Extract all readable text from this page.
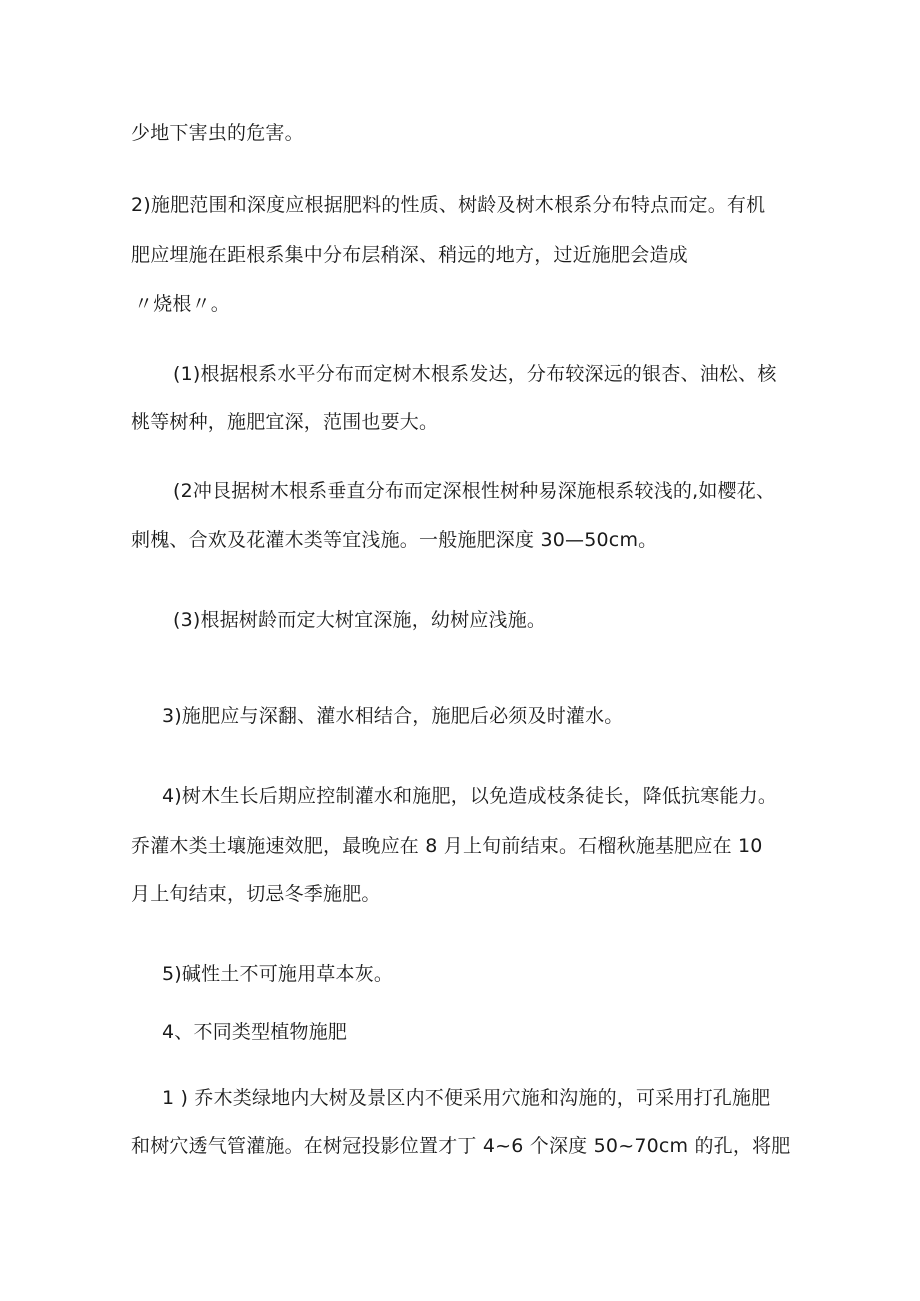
少地下害虫的危害。
2)施肥范围和深度应根据肥料的性质、树龄及树木根系分布特点而定。有机
肥应埋施在距根系集中分布层稍深、稍远的地方，过近施肥会造成
〃烧根〃。
(1)根据根系水平分布而定树木根系发达，分布较深远的银杏、油松、核
桃等树种，施肥宜深，范围也要大。
(2冲艮据树木根系垂直分布而定深根性树种易深施根系较浅的,如樱花、
刺槐、合欢及花灌木类等宜浅施。一般施肥深度 30—50cm。
(3)根据树龄而定大树宜深施，幼树应浅施。
3)施肥应与深翻、灌水相结合，施肥后必须及时灌水。
4)树木生长后期应控制灌水和施肥，以免造成枝条徒长，降低抗寒能力。
乔灌木类土壤施速效肥，最晚应在 8 月上旬前结束。石榴秋施基肥应在 10
月上旬结束，切忌冬季施肥。
5)碱性土不可施用草本灰。
4、不同类型植物施肥
1 ) 乔木类绿地内大树及景区内不便采用穴施和沟施的，可采用打孔施肥
和树穴透气管灌施。在树冠投影位置才丁 4~6 个深度 50~70cm 的孔，将肥
